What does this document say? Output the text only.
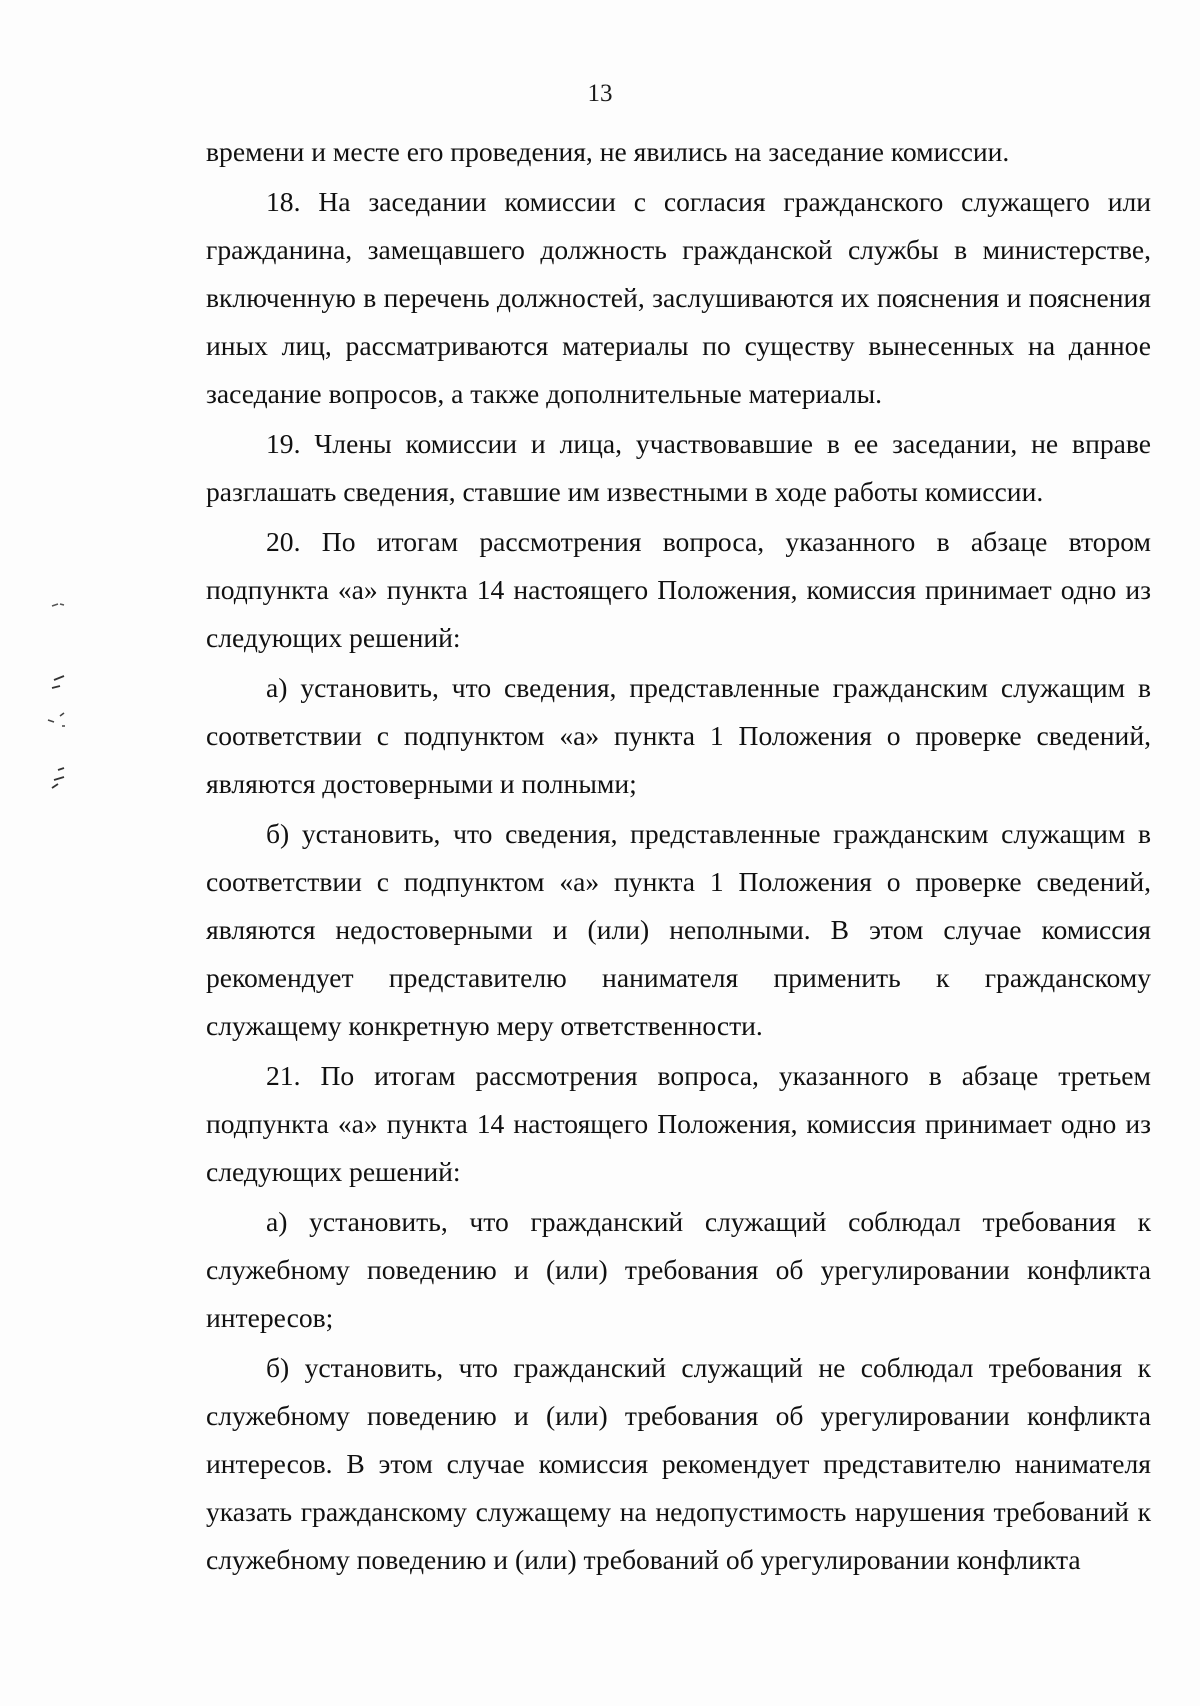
13

времени и месте его проведения, не явились на заседание комиссии.

18. На заседании комиссии с согласия гражданского служащего или гражданина, замещавшего должность гражданской службы в министерстве, включенную в перечень должностей, заслушиваются их пояснения и пояснения иных лиц, рассматриваются материалы по существу вынесенных на данное заседание вопросов, а также дополнительные материалы.

19. Члены комиссии и лица, участвовавшие в ее заседании, не вправе разглашать сведения, ставшие им известными в ходе работы комиссии.

20. По итогам рассмотрения вопроса, указанного в абзаце втором подпункта «а» пункта 14 настоящего Положения, комиссия принимает одно из следующих решений:

а) установить, что сведения, представленные гражданским служащим в соответствии с подпунктом «а» пункта 1 Положения о проверке сведений, являются достоверными и полными;

б) установить, что сведения, представленные гражданским служащим в соответствии с подпунктом «а» пункта 1 Положения о проверке сведений, являются недостоверными и (или) неполными. В этом случае комиссия рекомендует представителю нанимателя применить к гражданскому служащему конкретную меру ответственности.

21. По итогам рассмотрения вопроса, указанного в абзаце третьем подпункта «а» пункта 14 настоящего Положения, комиссия принимает одно из следующих решений:

а) установить, что гражданский служащий соблюдал требования к служебному поведению и (или) требования об урегулировании конфликта интересов;

б) установить, что гражданский служащий не соблюдал требования к служебному поведению и (или) требования об урегулировании конфликта интересов. В этом случае комиссия рекомендует представителю нанимателя указать гражданскому служащему на недопустимость нарушения требований к служебному поведению и (или) требований об урегулировании конфликта
